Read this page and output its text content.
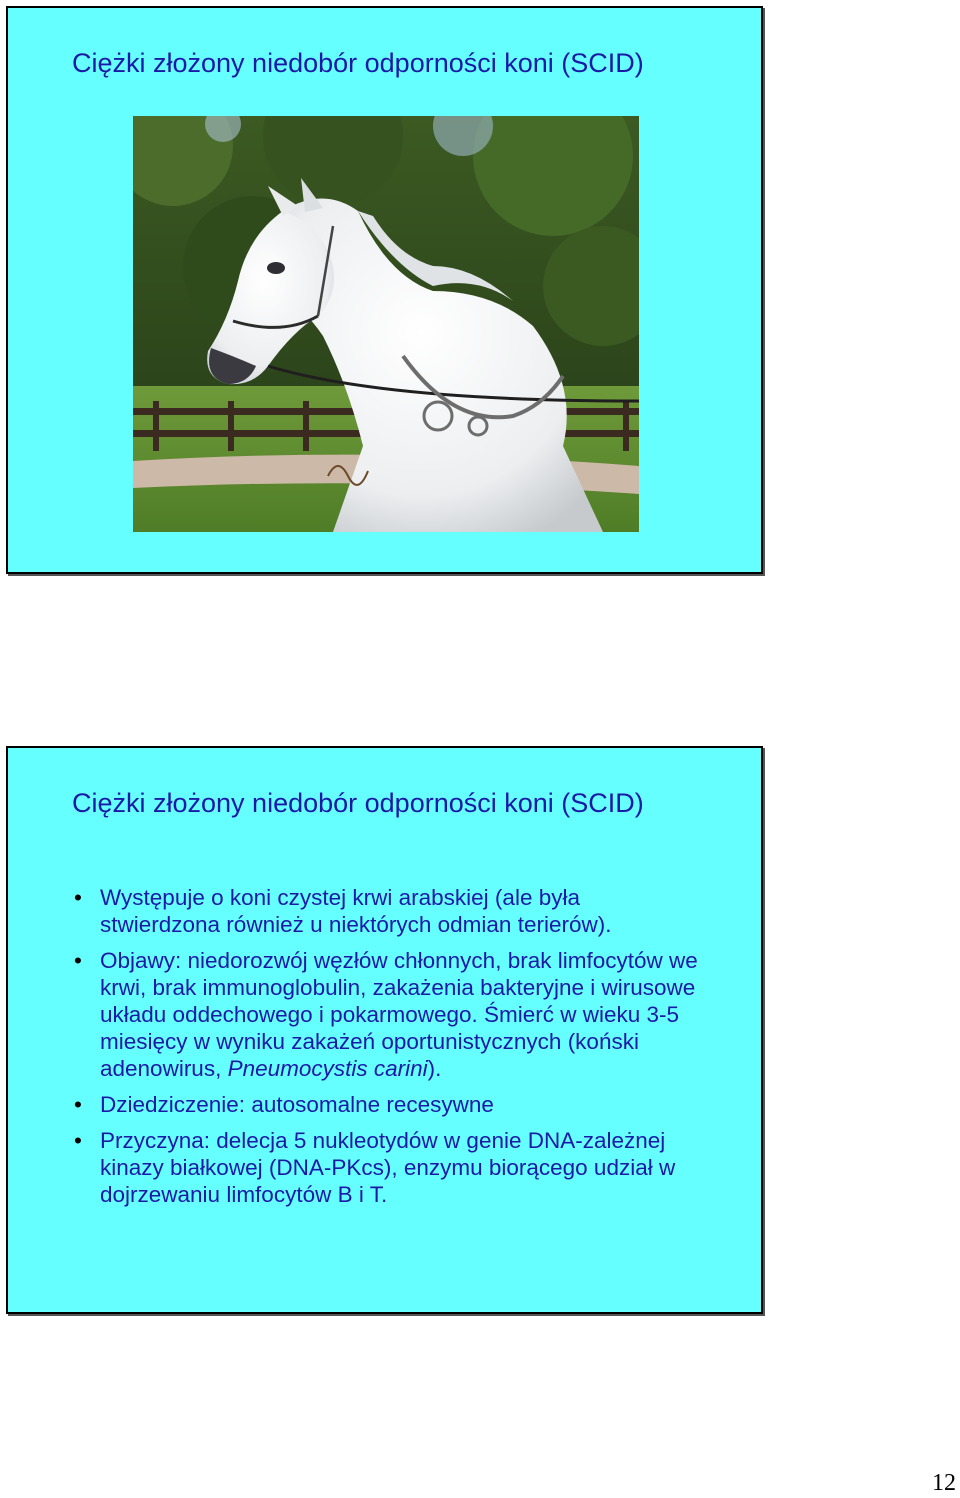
Ciężki złożony niedobór odporności koni (SCID)
Ciężki złożony niedobór odporności koni (SCID)
• Występuje o koni czystej krwi arabskiej (ale była stwierdzona również u niektórych odmian terierów).
• Objawy: niedorozwój węzłów chłonnych, brak limfocytów we krwi, brak immunoglobulin, zakażenia bakteryjne i wirusowe układu oddechowego i pokarmowego. Śmierć w wieku 3-5 miesięcy w wyniku zakażeń oportunistycznych (koński adenowirus, Pneumocystis carini).
• Dziedziczenie: autosomalne recesywne
• Przyczyna: delecja 5 nukleotydów w genie DNA-zależnej kinazy białkowej (DNA-PKcs), enzymu biorącego udział w dojrzewaniu limfocytów B i T.
12
